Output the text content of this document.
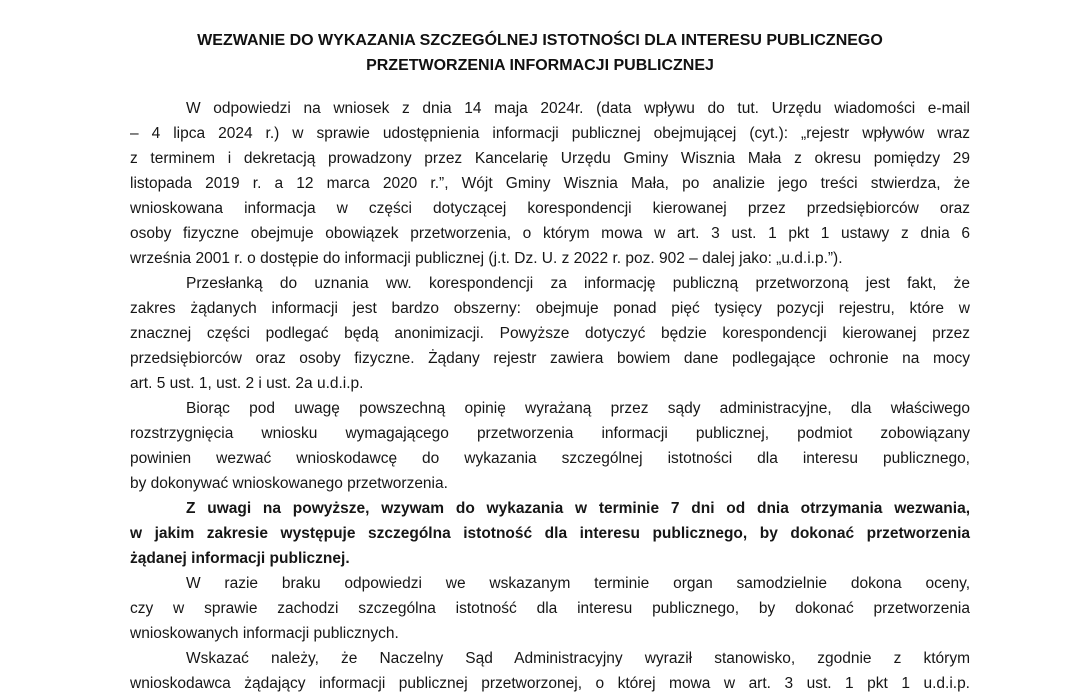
WEZWANIE DO WYKAZANIA SZCZEGÓLNEJ ISTOTNOŚCI DLA INTERESU PUBLICZNEGO
PRZETWORZENIA INFORMACJI PUBLICZNEJ
W odpowiedzi na wniosek z dnia 14 maja 2024r. (data wpływu do tut. Urzędu wiadomości e-mail
– 4 lipca 2024 r.) w sprawie udostępnienia informacji publicznej obejmującej (cyt.): „rejestr wpływów wraz
z terminem i dekretacją prowadzony przez Kancelarię Urzędu Gminy Wisznia Mała z okresu pomiędzy 29
listopada 2019 r. a 12 marca 2020 r.”, Wójt Gminy Wisznia Mała, po analizie jego treści stwierdza, że
wnioskowana informacja w części dotyczącej korespondencji kierowanej przez przedsiębiorców oraz
osoby fizyczne obejmuje obowiązek przetworzenia, o którym mowa w art. 3 ust. 1 pkt 1 ustawy z dnia 6
września 2001 r. o dostępie do informacji publicznej (j.t. Dz. U. z 2022 r. poz. 902 – dalej jako: „u.d.i.p.”).
Przesłanką do uznania ww. korespondencji za informację publiczną przetworzoną jest fakt, że
zakres żądanych informacji jest bardzo obszerny: obejmuje ponad pięć tysięcy pozycji rejestru, które w
znacznej części podlegać będą anonimizacji. Powyższe dotyczyć będzie korespondencji kierowanej przez
przedsiębiorców oraz osoby fizyczne. Żądany rejestr zawiera bowiem dane podlegające ochronie na mocy
art. 5 ust. 1, ust. 2 i ust. 2a u.d.i.p.
Biorąc pod uwagę powszechną opinię wyrażaną przez sądy administracyjne, dla właściwego
rozstrzygnięcia wniosku wymagającego przetworzenia informacji publicznej, podmiot zobowiązany
powinien wezwać wnioskodawcę do wykazania szczególnej istotności dla interesu publicznego,
by dokonywać wnioskowanego przetworzenia.
Z uwagi na powyższe, wzywam do wykazania w terminie 7 dni od dnia otrzymania wezwania,
w jakim zakresie występuje szczególna istotność dla interesu publicznego, by dokonać przetworzenia
żądanej informacji publicznej.
W razie braku odpowiedzi we wskazanym terminie organ samodzielnie dokona oceny,
czy w sprawie zachodzi szczególna istotność dla interesu publicznego, by dokonać przetworzenia
wnioskowanych informacji publicznych.
Wskazać należy, że Naczelny Sąd Administracyjny wyraził stanowisko, zgodnie z którym
wnioskodawca żądający informacji publicznej przetworzonej, o której mowa w art. 3 ust. 1 pkt 1 u.d.i.p.
